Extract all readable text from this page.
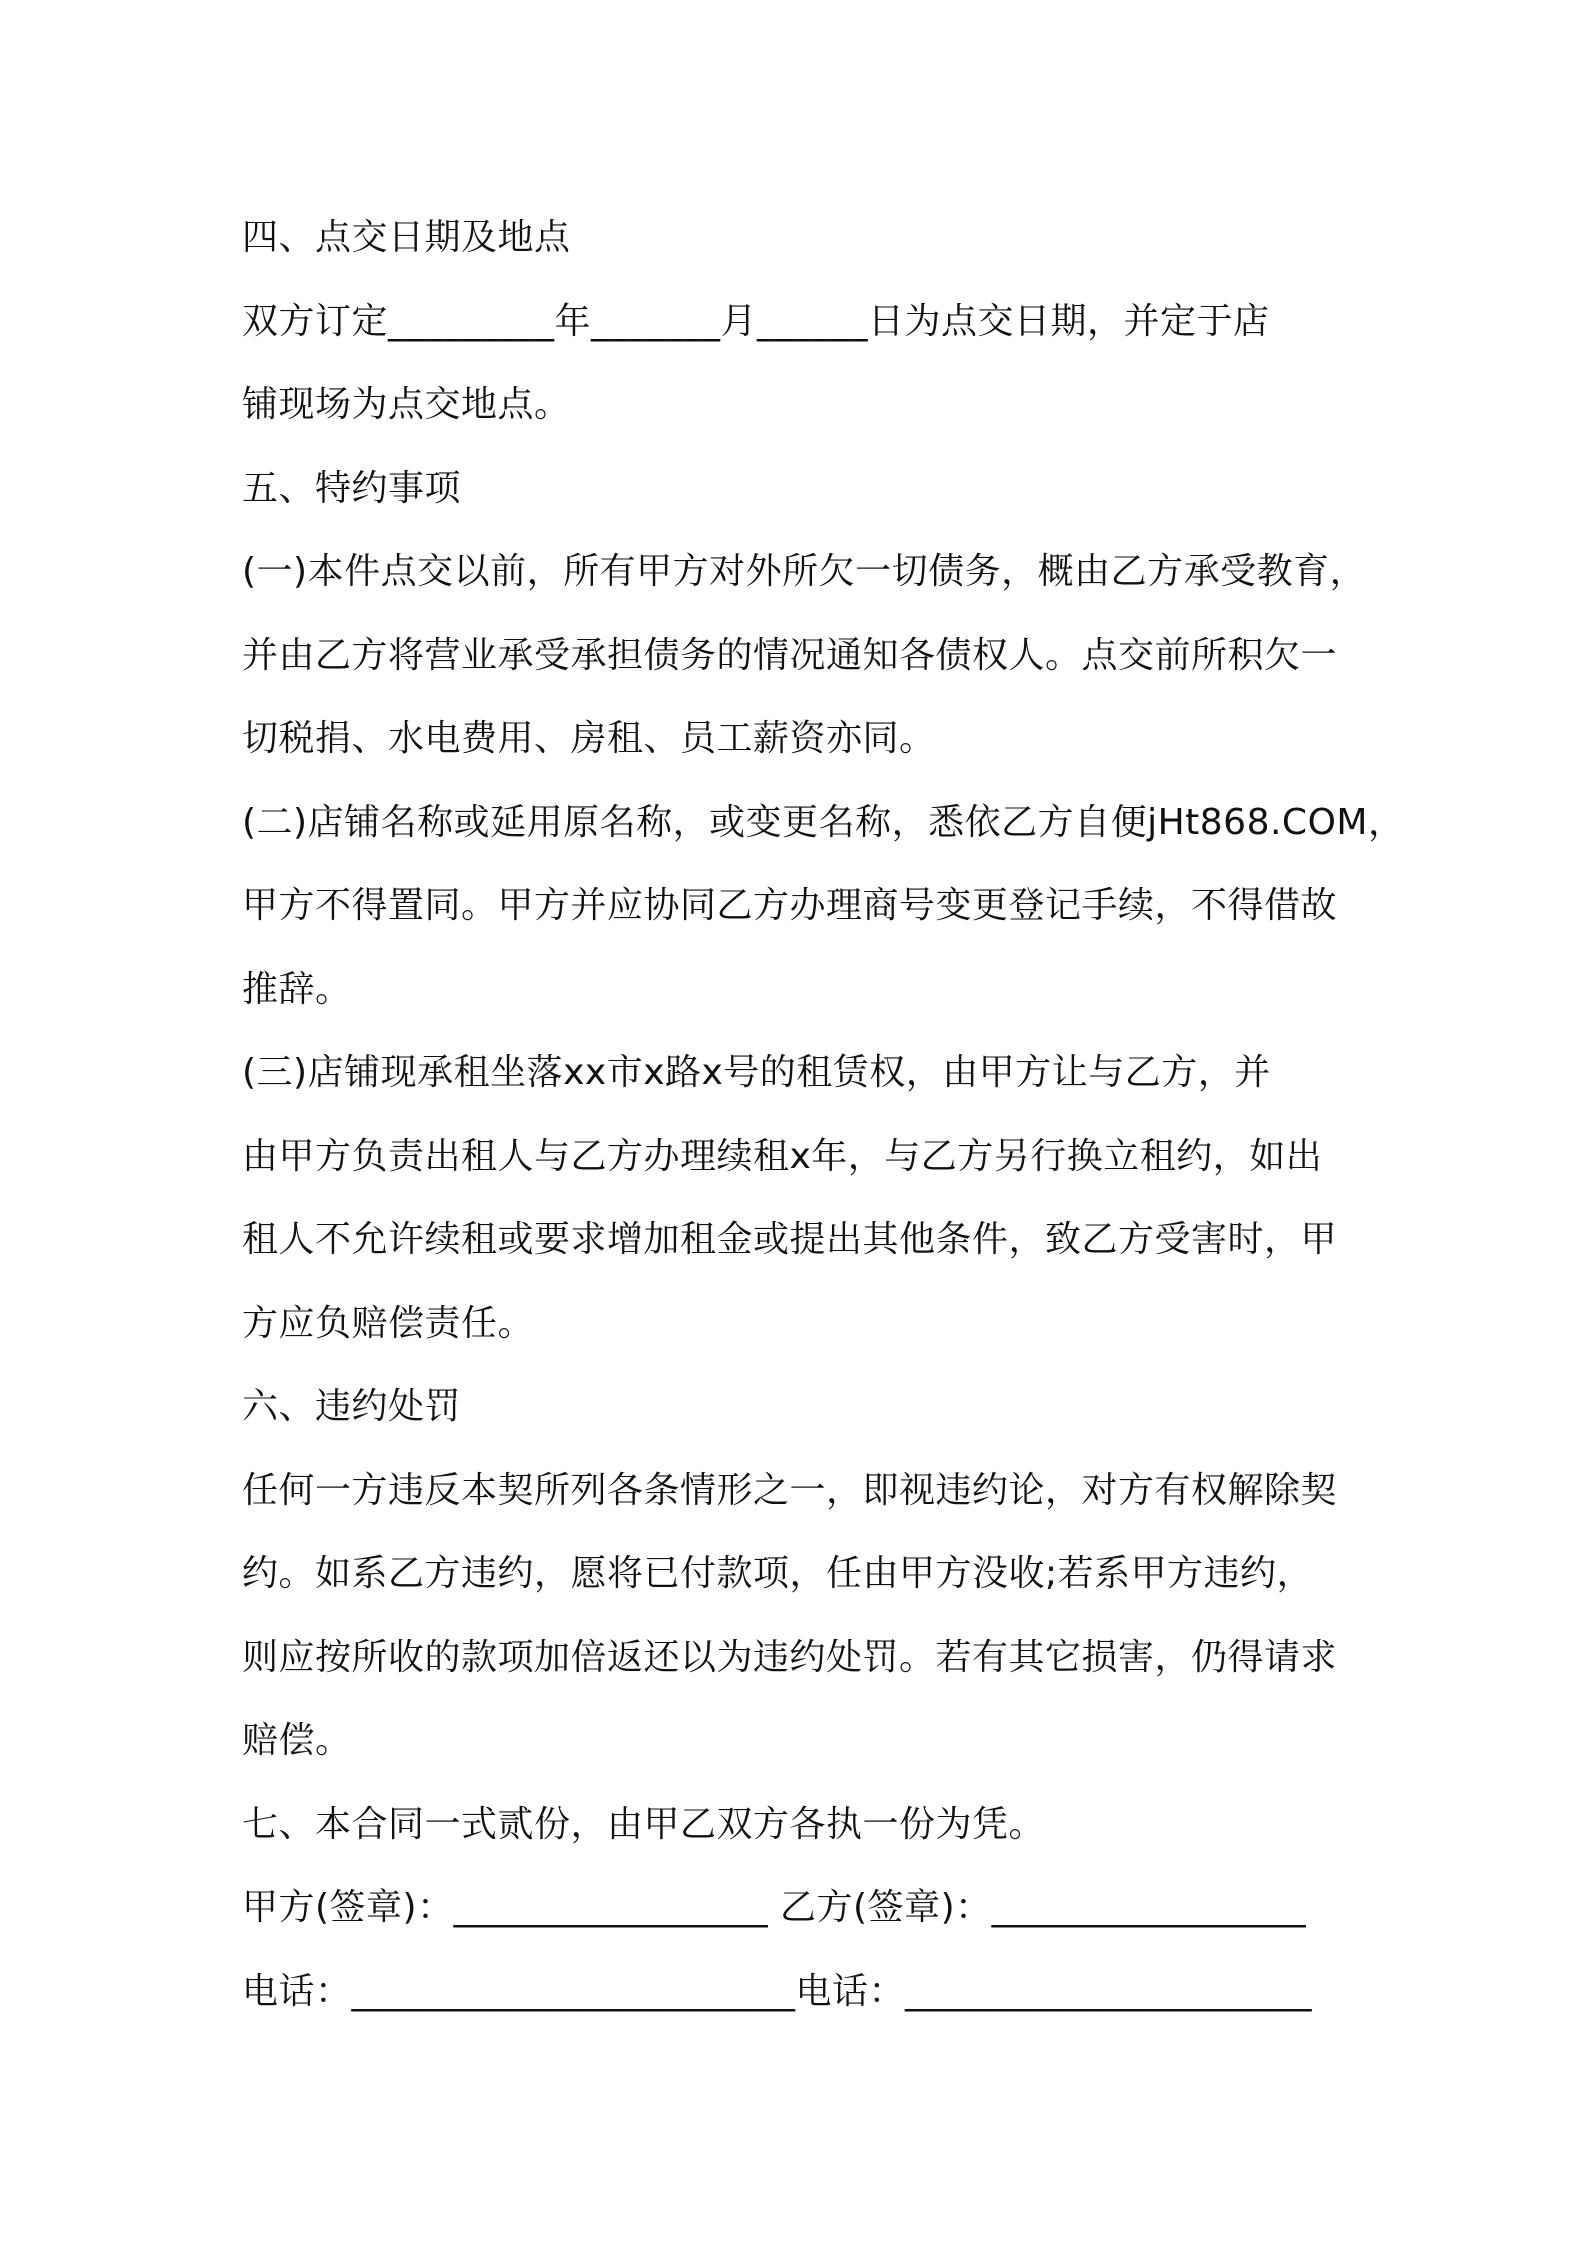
四、点交日期及地点
双方订定_________年_______月______日为点交日期，并定于店
铺现场为点交地点。
五、特约事项
(一)本件点交以前，所有甲方对外所欠一切债务，概由乙方承受教育，
并由乙方将营业承受承担债务的情况通知各债权人。点交前所积欠一
切税捐、水电费用、房租、员工薪资亦同。
(二)店铺名称或延用原名称，或变更名称，悉依乙方自便jHt868.COM，
甲方不得置同。甲方并应协同乙方办理商号变更登记手续，不得借故
推辞。
(三)店铺现承租坐落xx市x路x号的租赁权，由甲方让与乙方，并
由甲方负责出租人与乙方办理续租x年，与乙方另行换立租约，如出
租人不允许续租或要求增加租金或提出其他条件，致乙方受害时，甲
方应负赔偿责任。
六、违约处罚
任何一方违反本契所列各条情形之一，即视违约论，对方有权解除契
约。如系乙方违约，愿将已付款项，任由甲方没收;若系甲方违约，
则应按所收的款项加倍返还以为违约处罚。若有其它损害，仍得请求
赔偿。
七、本合同一式贰份，由甲乙双方各执一份为凭。
甲方(签章)：_________________ 乙方(签章)：_________________
电话：________________________电话：______________________
